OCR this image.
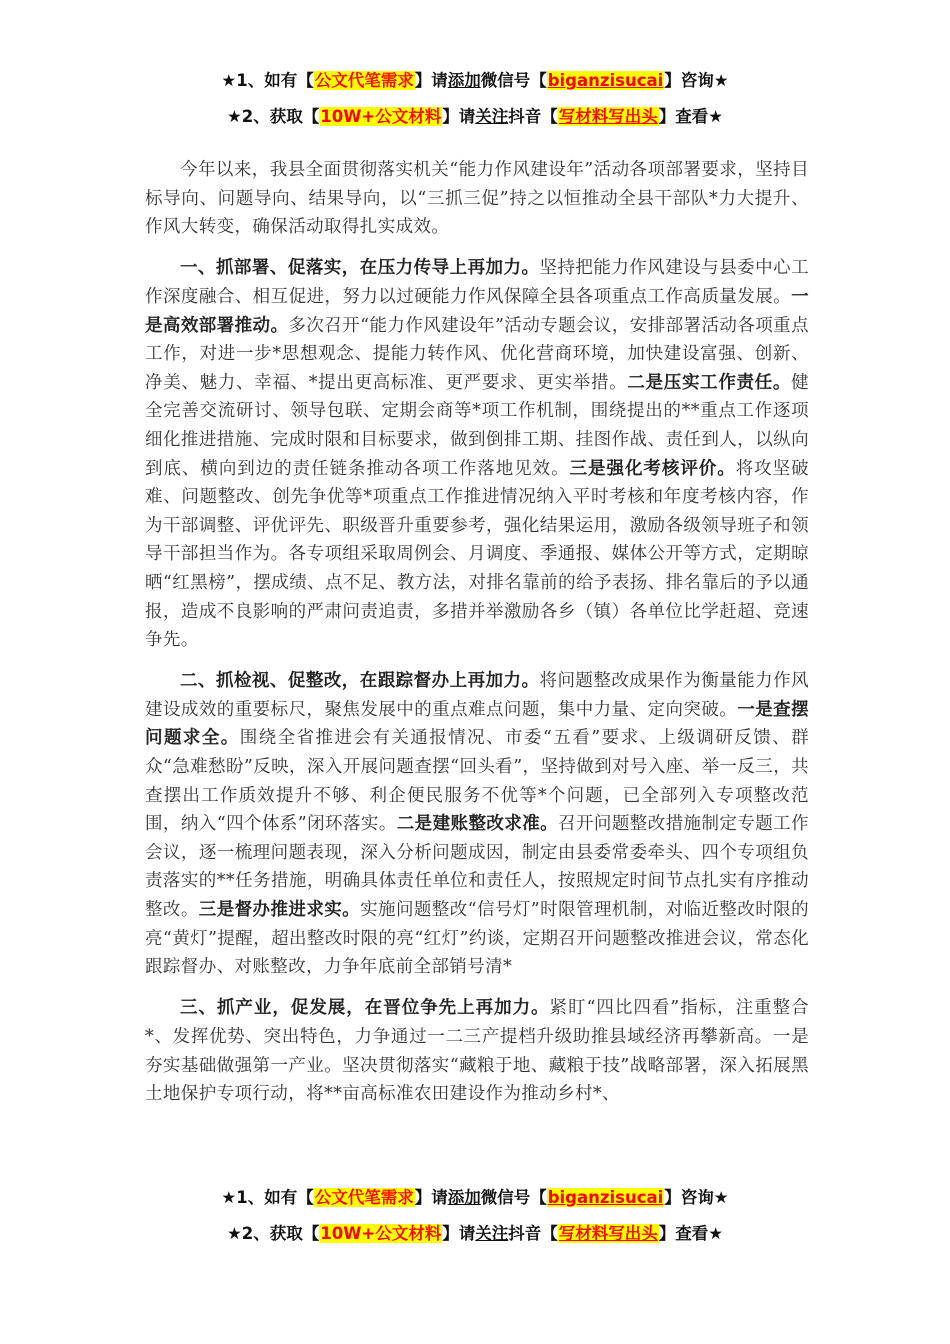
★1、如有【公文代笔需求】请添加微信号【biganzisucai】咨询★
★2、获取【10W+公文材料】请关注抖音【写材料写出头】查看★

今年以来，我县全面贯彻落实机关“能力作风建设年”活动各项部署要求，坚持目标导向、问题导向、结果导向，以“三抓三促”持之以恒推动全县干部队*力大提升、作风大转变，确保活动取得扎实成效。

一、抓部署、促落实，在压力传导上再加力。坚持把能力作风建设与县委中心工作深度融合、相互促进，努力以过硬能力作风保障全县各项重点工作高质量发展。一是高效部署推动。多次召开“能力作风建设年”活动专题会议，安排部署活动各项重点工作，对进一步*思想观念、提能力转作风、优化营商环境，加快建设富强、创新、净美、魅力、幸福、*提出更高标准、更严要求、更实举措。二是压实工作责任。健全完善交流研讨、领导包联、定期会商等*项工作机制，围绕提出的**重点工作逐项细化推进措施、完成时限和目标要求，做到倒排工期、挂图作战、责任到人，以纵向到底、横向到边的责任链条推动各项工作落地见效。三是强化考核评价。将攻坚破难、问题整改、创先争优等*项重点工作推进情况纳入平时考核和年度考核内容，作为干部调整、评优评先、职级晋升重要参考，强化结果运用，激励各级领导班子和领导干部担当作为。各专项组采取周例会、月调度、季通报、媒体公开等方式，定期晾晒“红黑榜”，摆成绩、点不足、教方法，对排名靠前的给予表扬、排名靠后的予以通报，造成不良影响的严肃问责追责，多措并举激励各乡（镇）各单位比学赶超、竞速争先。

二、抓检视、促整改，在跟踪督办上再加力。将问题整改成果作为衡量能力作风建设成效的重要标尺，聚焦发展中的重点难点问题，集中力量、定向突破。一是查摆问题求全。围绕全省推进会有关通报情况、市委“五看”要求、上级调研反馈、群众“急难愁盼”反映，深入开展问题查摆“回头看”，坚持做到对号入座、举一反三，共查摆出工作质效提升不够、利企便民服务不优等*个问题，已全部列入专项整改范围，纳入“四个体系”闭环落实。二是建账整改求准。召开问题整改措施制定专题工作会议，逐一梳理问题表现，深入分析问题成因，制定由县委常委牵头、四个专项组负责落实的**任务措施，明确具体责任单位和责任人，按照规定时间节点扎实有序推动整改。三是督办推进求实。实施问题整改“信号灯”时限管理机制，对临近整改时限的亮“黄灯”提醒，超出整改时限的亮“红灯”约谈，定期召开问题整改推进会议，常态化跟踪督办、对账整改，力争年底前全部销号清*

三、抓产业，促发展，在晋位争先上再加力。紧盯“四比四看”指标，注重整合*、发挥优势、突出特色，力争通过一二三产提档升级助推县域经济再攀新高。一是夯实基础做强第一产业。坚决贯彻落实“藏粮于地、藏粮于技”战略部署，深入拓展黑土地保护专项行动，将**亩高标准农田建设作为推动乡村*、

★1、如有【公文代笔需求】请添加微信号【biganzisucai】咨询★
★2、获取【10W+公文材料】请关注抖音【写材料写出头】查看★
